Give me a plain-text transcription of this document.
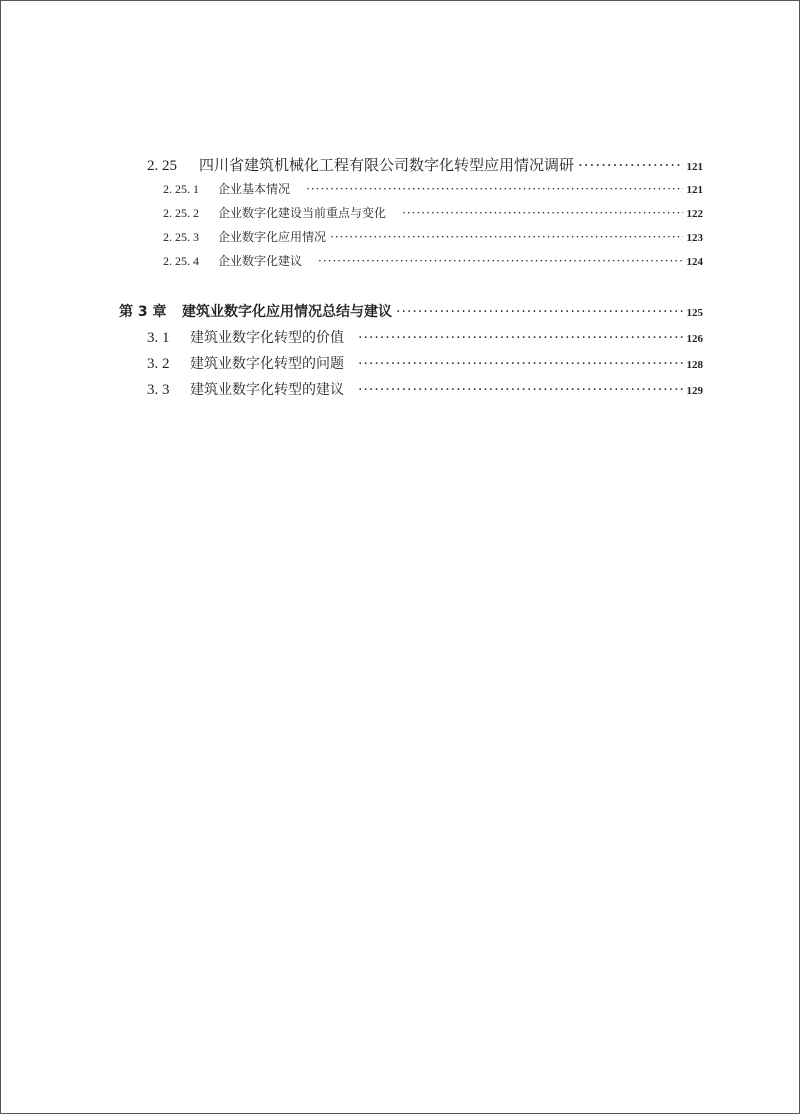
2. 25	四川省建筑机械化工程有限公司数字化转型应用情况调研 ·····	121
2. 25. 1	企业基本情况 ·····	121
2. 25. 2	企业数字化建设当前重点与变化 ·····	122
2. 25. 3	企业数字化应用情况 ·····	123
2. 25. 4	企业数字化建议 ·····	124
第 3 章	建筑业数字化应用情况总结与建议 ·····	125
3. 1	建筑业数字化转型的价值 ·····	126
3. 2	建筑业数字化转型的问题 ·····	128
3. 3	建筑业数字化转型的建议 ·····	129
